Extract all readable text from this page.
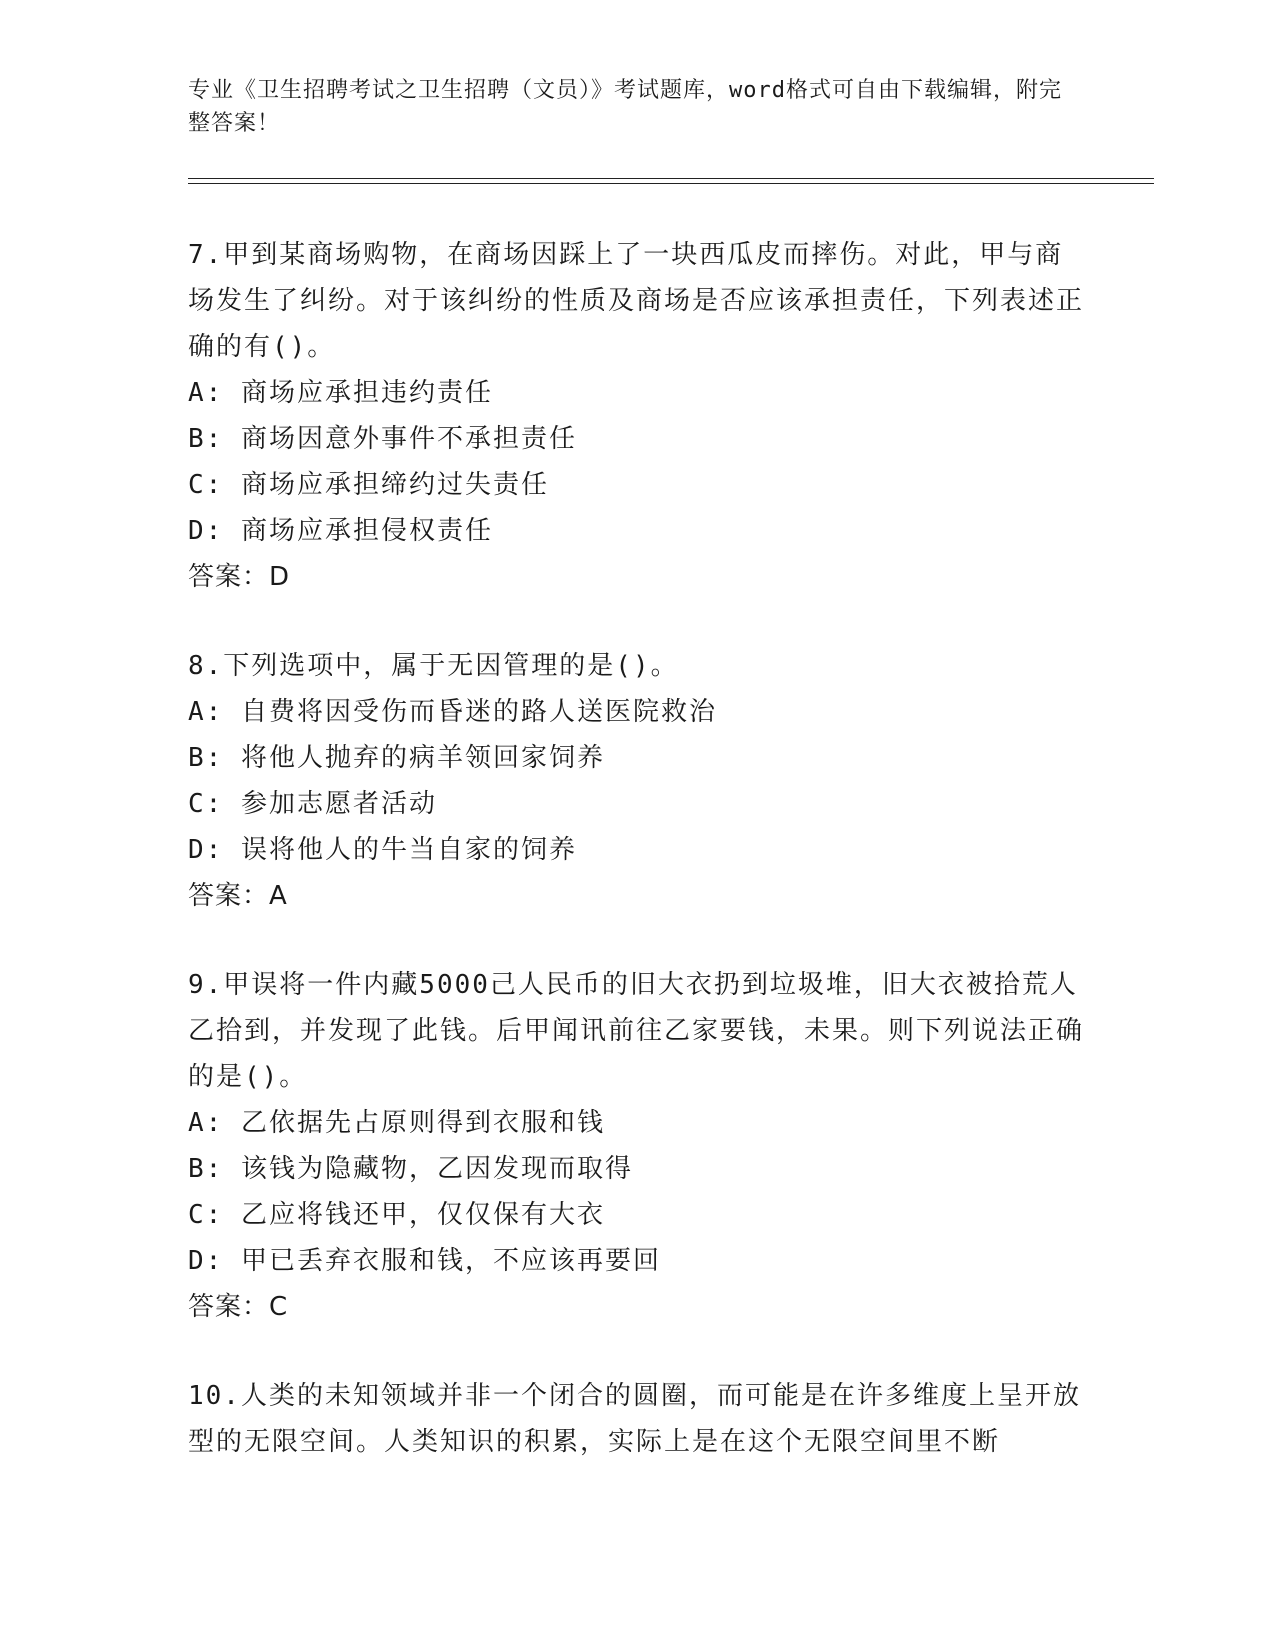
专业《卫生招聘考试之卫生招聘（文员）》考试题库，word格式可自由下载编辑，附完整答案！
7.甲到某商场购物，在商场因踩上了一块西瓜皮而摔伤。对此，甲与商场发生了纠纷。对于该纠纷的性质及商场是否应该承担责任，下列表述正确的有()。
A: 商场应承担违约责任
B: 商场因意外事件不承担责任
C: 商场应承担缔约过失责任
D: 商场应承担侵权责任
答案：D
8.下列选项中，属于无因管理的是()。
A: 自费将因受伤而昏迷的路人送医院救治
B: 将他人抛弃的病羊领回家饲养
C: 参加志愿者活动
D: 误将他人的牛当自家的饲养
答案：A
9.甲误将一件内藏5000己人民币的旧大衣扔到垃圾堆，旧大衣被拾荒人乙拾到，并发现了此钱。后甲闻讯前往乙家要钱，未果。则下列说法正确的是()。
A: 乙依据先占原则得到衣服和钱
B: 该钱为隐藏物，乙因发现而取得
C: 乙应将钱还甲，仅仅保有大衣
D: 甲已丢弃衣服和钱，不应该再要回
答案：C
10.人类的未知领域并非一个闭合的圆圈，而可能是在许多维度上呈开放型的无限空间。人类知识的积累，实际上是在这个无限空间里不断
